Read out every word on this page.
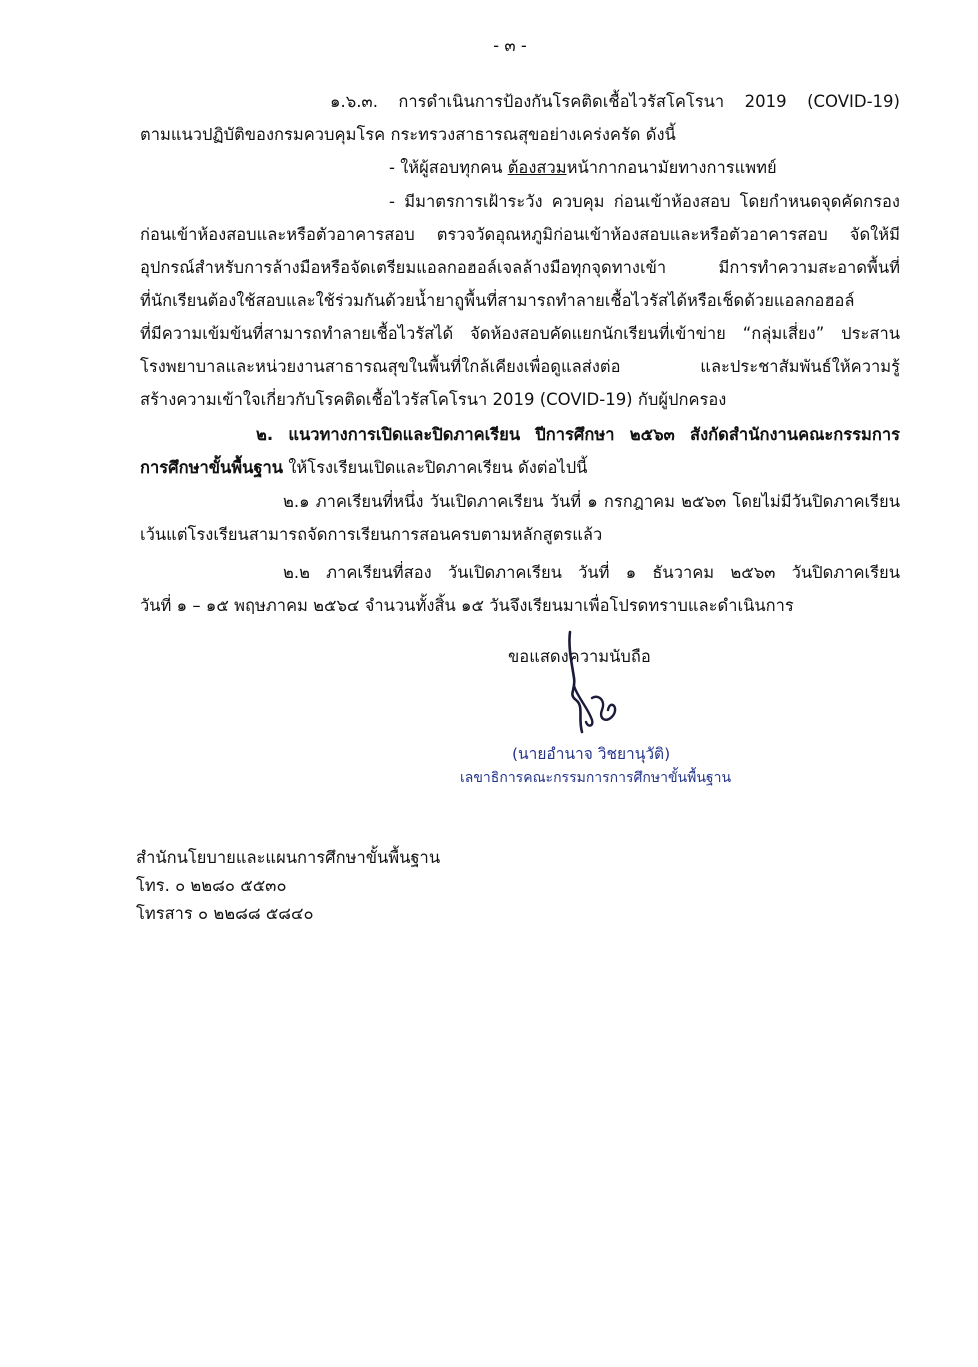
- ๓ -
๑.๖.๓. การดำเนินการป้องกันโรคติดเชื้อไวรัสโคโรนา 2019 (COVID-19)
ตามแนวปฏิบัติของกรมควบคุมโรค กระทรวงสาธารณสุขอย่างเคร่งครัด ดังนี้
- ให้ผู้สอบทุกคน ต้องสวมหน้ากากอนามัยทางการแพทย์
- มีมาตรการเฝ้าระวัง ควบคุม ก่อนเข้าห้องสอบ โดยกำหนดจุดคัดกรอง
ก่อนเข้าห้องสอบและหรือตัวอาคารสอบ ตรวจวัดอุณหภูมิก่อนเข้าห้องสอบและหรือตัวอาคารสอบ จัดให้มี
อุปกรณ์สำหรับการล้างมือหรือจัดเตรียมแอลกอฮอล์เจลล้างมือทุกจุดทางเข้า มีการทำความสะอาดพื้นที่
ที่นักเรียนต้องใช้สอบและใช้ร่วมกันด้วยน้ำยาฤูพื้นที่สามารถทำลายเชื้อไวรัสได้หรือเช็ดด้วยแอลกอฮอล์
ที่มีความเข้มข้นที่สามารถทำลายเชื้อไวรัสได้ จัดห้องสอบคัดแยกนักเรียนที่เข้าข่าย “กลุ่มเสี่ยง” ประสาน
โรงพยาบาลและหน่วยงานสาธารณสุขในพื้นที่ใกล้เคียงเพื่อดูแลส่งต่อ และประชาสัมพันธ์ให้ความรู้
สร้างความเข้าใจเกี่ยวกับโรคติดเชื้อไวรัสโคโรนา 2019 (COVID-19) กับผู้ปกครอง
๒. แนวทางการเปิดและปิดภาคเรียน ปีการศึกษา ๒๕๖๓ สังกัดสำนักงานคณะกรรมการ
การศึกษาขั้นพื้นฐาน ให้โรงเรียนเปิดและปิดภาคเรียน ดังต่อไปนี้
๒.๑ ภาคเรียนที่หนึ่ง วันเปิดภาคเรียน วันที่ ๑ กรกฎาคม ๒๕๖๓ โดยไม่มีวันปิดภาคเรียน
เว้นแต่โรงเรียนสามารถจัดการเรียนการสอนครบตามหลักสูตรแล้ว
๒.๒ ภาคเรียนที่สอง วันเปิดภาคเรียน วันที่ ๑ ธันวาคม ๒๕๖๓ วันปิดภาคเรียน
วันที่ ๑ – ๑๕ พฤษภาคม ๒๕๖๔ จำนวนทั้งสิ้น ๑๕ วันจึงเรียนมาเพื่อโปรดทราบและดำเนินการ
ขอแสดงความนับถือ
(นายอำนาจ วิชยานุวัติ)
เลขาธิการคณะกรรมการการศึกษาขั้นพื้นฐาน
สำนักนโยบายและแผนการศึกษาขั้นพื้นฐาน
โทร. ๐ ๒๒๘๐ ๕๕๓๐
โทรสาร ๐ ๒๒๘๘ ๕๘๔๐
